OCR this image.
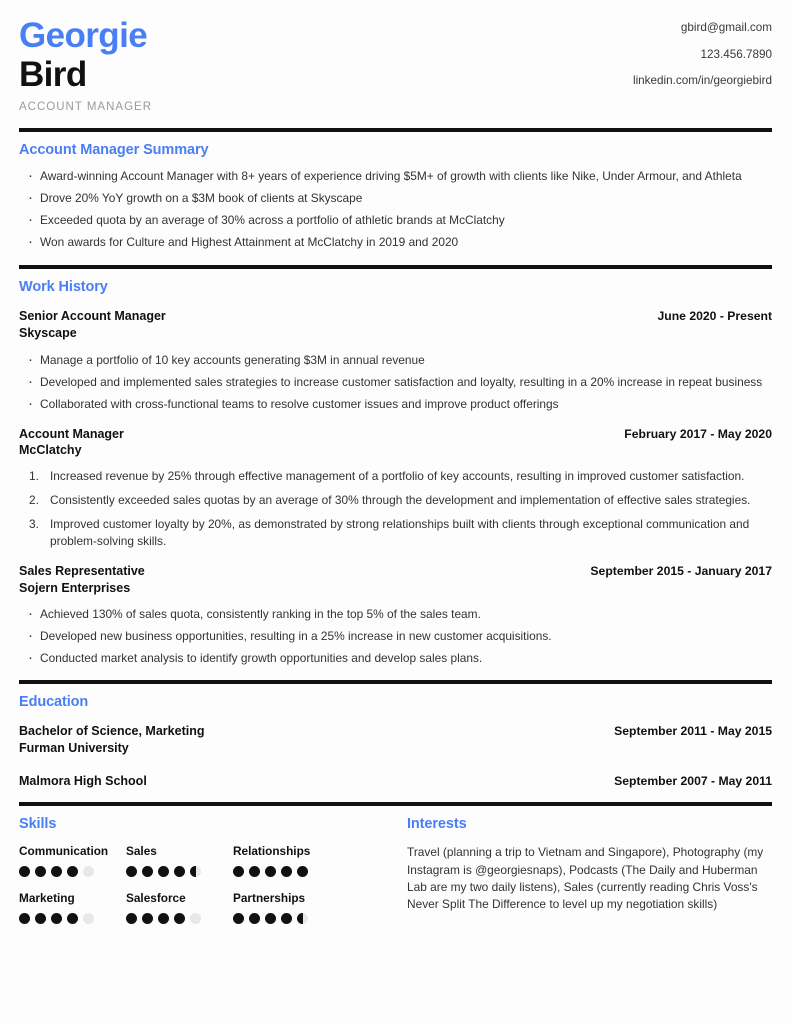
Georgie
Bird
ACCOUNT MANAGER
gbird@gmail.com
123.456.7890
linkedin.com/in/georgiebird
Account Manager Summary
· Award-winning Account Manager with 8+ years of experience driving $5M+ of growth with clients like Nike, Under Armour, and Athleta
· Drove 20% YoY growth on a $3M book of clients at Skyscape
· Exceeded quota by an average of 30% across a portfolio of athletic brands at McClatchy
· Won awards for Culture and Highest Attainment at McClatchy in 2019 and 2020
Work History
Senior Account Manager
Skyscape
June 2020 - Present
· Manage a portfolio of 10 key accounts generating $3M in annual revenue
· Developed and implemented sales strategies to increase customer satisfaction and loyalty, resulting in a 20% increase in repeat business
· Collaborated with cross-functional teams to resolve customer issues and improve product offerings
Account Manager
McClatchy
February 2017 - May 2020
1. Increased revenue by 25% through effective management of a portfolio of key accounts, resulting in improved customer satisfaction.
2. Consistently exceeded sales quotas by an average of 30% through the development and implementation of effective sales strategies.
3. Improved customer loyalty by 20%, as demonstrated by strong relationships built with clients through exceptional communication and problem-solving skills.
Sales Representative
Sojern Enterprises
September 2015 - January 2017
· Achieved 130% of sales quota, consistently ranking in the top 5% of the sales team.
· Developed new business opportunities, resulting in a 25% increase in new customer acquisitions.
· Conducted market analysis to identify growth opportunities and develop sales plans.
Education
Bachelor of Science, Marketing
Furman University
September 2011 - May 2015
Malmora High School	September 2007 - May 2011
Skills
Communication	Sales	Relationships
Marketing	Salesforce	Partnerships
Interests
Travel (planning a trip to Vietnam and Singapore), Photography (my Instagram is @georgiesnaps), Podcasts (The Daily and Huberman Lab are my two daily listens), Sales (currently reading Chris Voss's Never Split The Difference to level up my negotiation skills)
